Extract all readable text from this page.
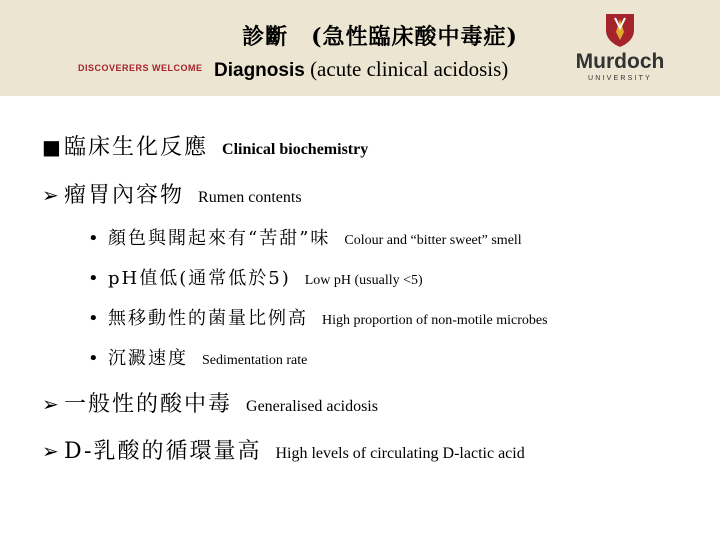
診斷　(急性臨床酸中毒症)
DISCOVERERS WELCOME Diagnosis (acute clinical acidosis)	Murdoch
UNIVERSITY
■ 臨床生化反應 Clinical biochemistry
➢ 瘤胃內容物 Rumen contents
• 顏色與聞起來有“苦甜”味 Colour and “bitter sweet” smell
• pH值低(通常低於5) Low pH (usually <5)
• 無移動性的菌量比例高 High proportion of non-motile microbes
• 沉澱速度 Sedimentation rate
➢ 一般性的酸中毒 Generalised acidosis
➢ D-乳酸的循環量高 High levels of circulating D-lactic acid
